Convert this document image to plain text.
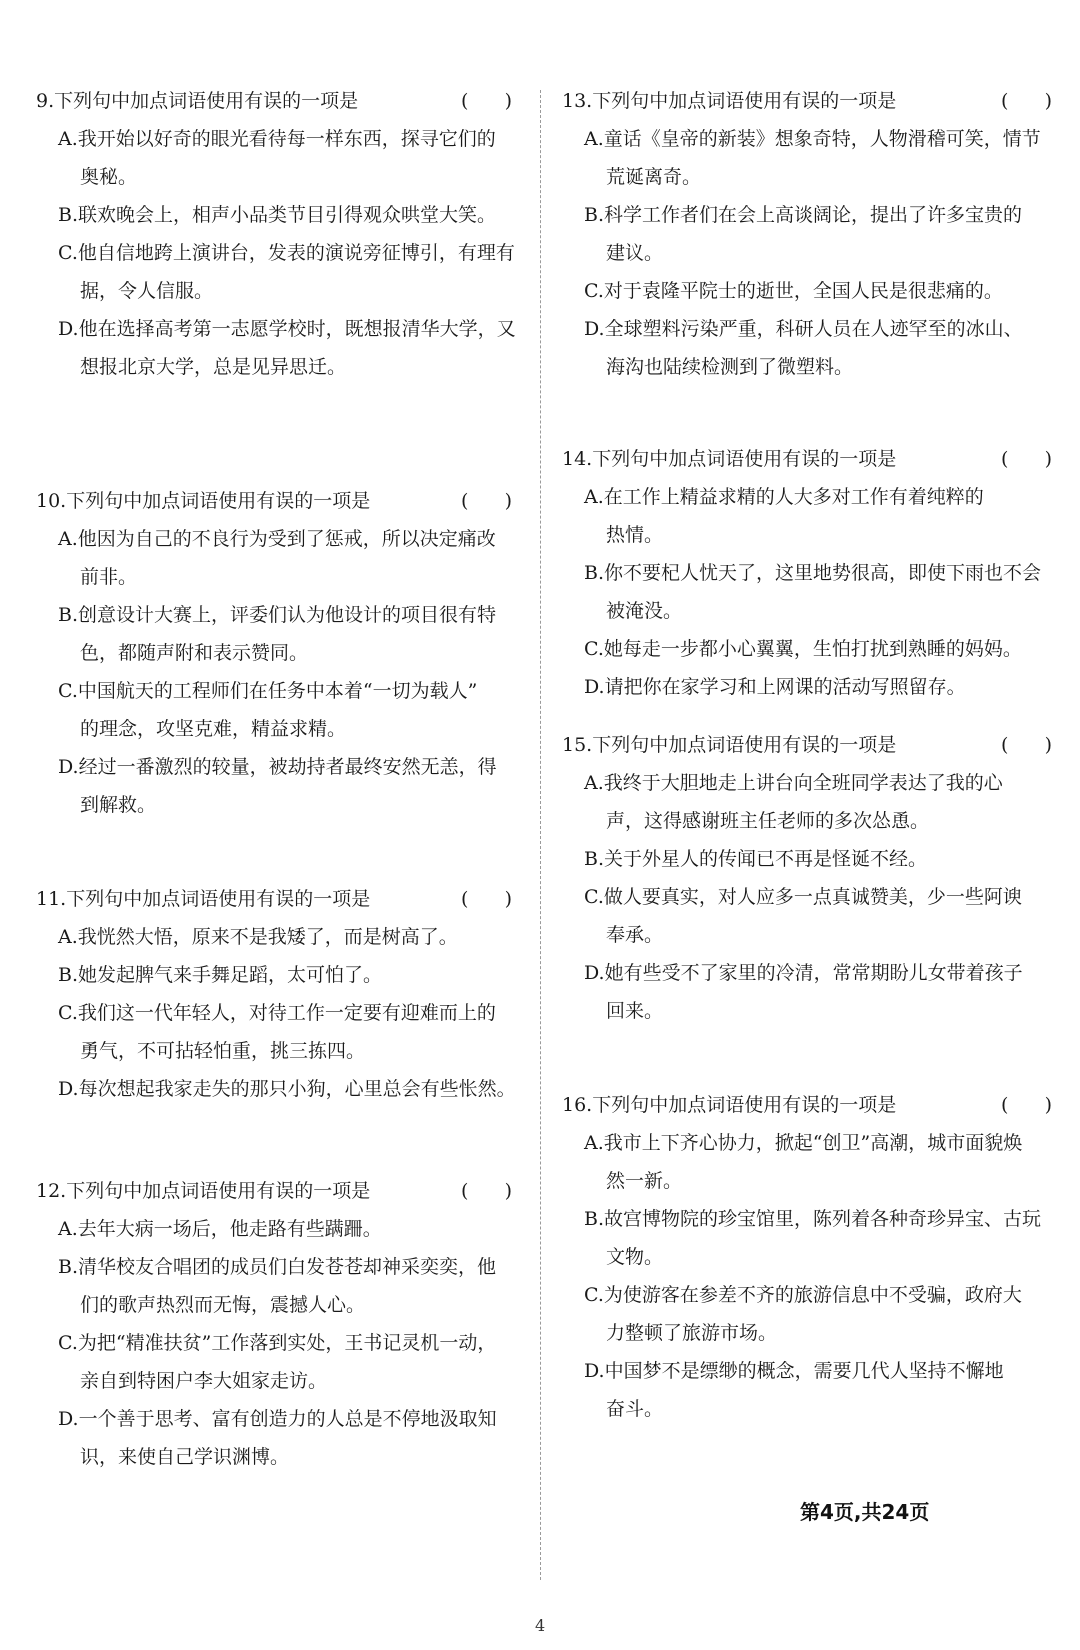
9.下列句中加点词语使用有误的一项是	(      )
A.我开始以好奇的眼光看待每一样东西，探寻它们的
奥秘。
B.联欢晚会上，相声小品类节目引得观众哄堂大笑。
C.他自信地跨上演讲台，发表的演说旁征博引，有理有
据，令人信服。
D.他在选择高考第一志愿学校时，既想报清华大学，又
想报北京大学，总是见异思迁。
10.下列句中加点词语使用有误的一项是	(      )
A.他因为自己的不良行为受到了惩戒，所以决定痛改
前非。
B.创意设计大赛上，评委们认为他设计的项目很有特
色，都随声附和表示赞同。
C.中国航天的工程师们在任务中本着“一切为载人”
的理念，攻坚克难，精益求精。
D.经过一番激烈的较量，被劫持者最终安然无恙，得
到解救。
11.下列句中加点词语使用有误的一项是	(      )
A.我恍然大悟，原来不是我矮了，而是树高了。
B.她发起脾气来手舞足蹈，太可怕了。
C.我们这一代年轻人，对待工作一定要有迎难而上的
勇气，不可拈轻怕重，挑三拣四。
D.每次想起我家走失的那只小狗，心里总会有些怅然。
12.下列句中加点词语使用有误的一项是	(      )
A.去年大病一场后，他走路有些蹒跚。
B.清华校友合唱团的成员们白发苍苍却神采奕奕，他
们的歌声热烈而无悔，震撼人心。
C.为把“精准扶贫”工作落到实处，王书记灵机一动，
亲自到特困户李大姐家走访。
D.一个善于思考、富有创造力的人总是不停地汲取知
识，来使自己学识渊博。
13.下列句中加点词语使用有误的一项是	(      )
A.童话《皇帝的新装》想象奇特，人物滑稽可笑，情节
荒诞离奇。
B.科学工作者们在会上高谈阔论，提出了许多宝贵的
建议。
C.对于袁隆平院士的逝世，全国人民是很悲痛的。
D.全球塑料污染严重，科研人员在人迹罕至的冰山、
海沟也陆续检测到了微塑料。
14.下列句中加点词语使用有误的一项是	(      )
A.在工作上精益求精的人大多对工作有着纯粹的
热情。
B.你不要杞人忧天了，这里地势很高，即使下雨也不会
被淹没。
C.她每走一步都小心翼翼，生怕打扰到熟睡的妈妈。
D.请把你在家学习和上网课的活动写照留存。
15.下列句中加点词语使用有误的一项是	(      )
A.我终于大胆地走上讲台向全班同学表达了我的心
声，这得感谢班主任老师的多次怂恿。
B.关于外星人的传闻已不再是怪诞不经。
C.做人要真实，对人应多一点真诚赞美，少一些阿谀
奉承。
D.她有些受不了家里的冷清，常常期盼儿女带着孩子
回来。
16.下列句中加点词语使用有误的一项是	(      )
A.我市上下齐心协力，掀起“创卫”高潮，城市面貌焕
然一新。
B.故宫博物院的珍宝馆里，陈列着各种奇珍异宝、古玩
文物。
C.为使游客在参差不齐的旅游信息中不受骗，政府大
力整顿了旅游市场。
D.中国梦不是缥缈的概念，需要几代人坚持不懈地
奋斗。
第4页,共24页
4
